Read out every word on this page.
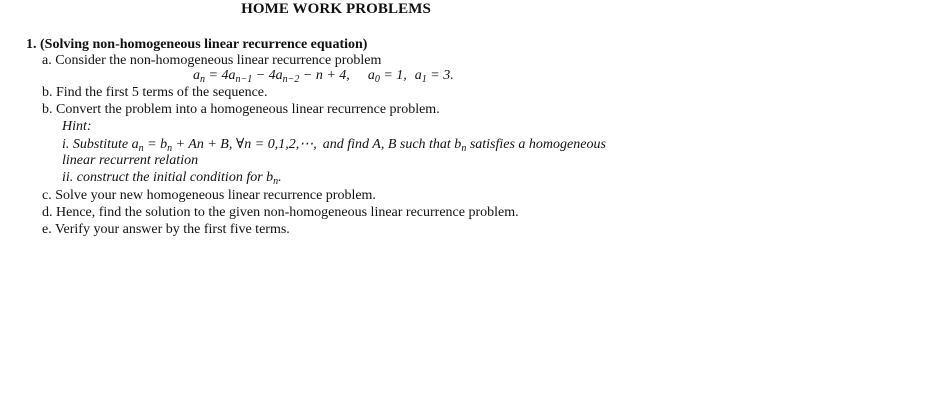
HOME WORK PROBLEMS
1. (Solving non-homogeneous linear recurrence equation)
a. Consider the non-homogeneous linear recurrence problem
$a_n = 4a_{n-1} - 4a_{n-2} - n + 4$, $a_0 = 1$, $a_1 = 3$.
b. Find the first 5 terms of the sequence.
b. Convert the problem into a homogeneous linear recurrence problem.
Hint:
i. Substitute $a_n = b_n + An + B$, ∀n = 0,1,2,⋯, and find A, B such that $b_n$ satisfies a homogeneous
linear recurrent relation
ii. construct the initial condition for $b_n$.
c. Solve your new homogeneous linear recurrence problem.
d. Hence, find the solution to the given non-homogeneous linear recurrence problem.
e. Verify your answer by the first five terms.
